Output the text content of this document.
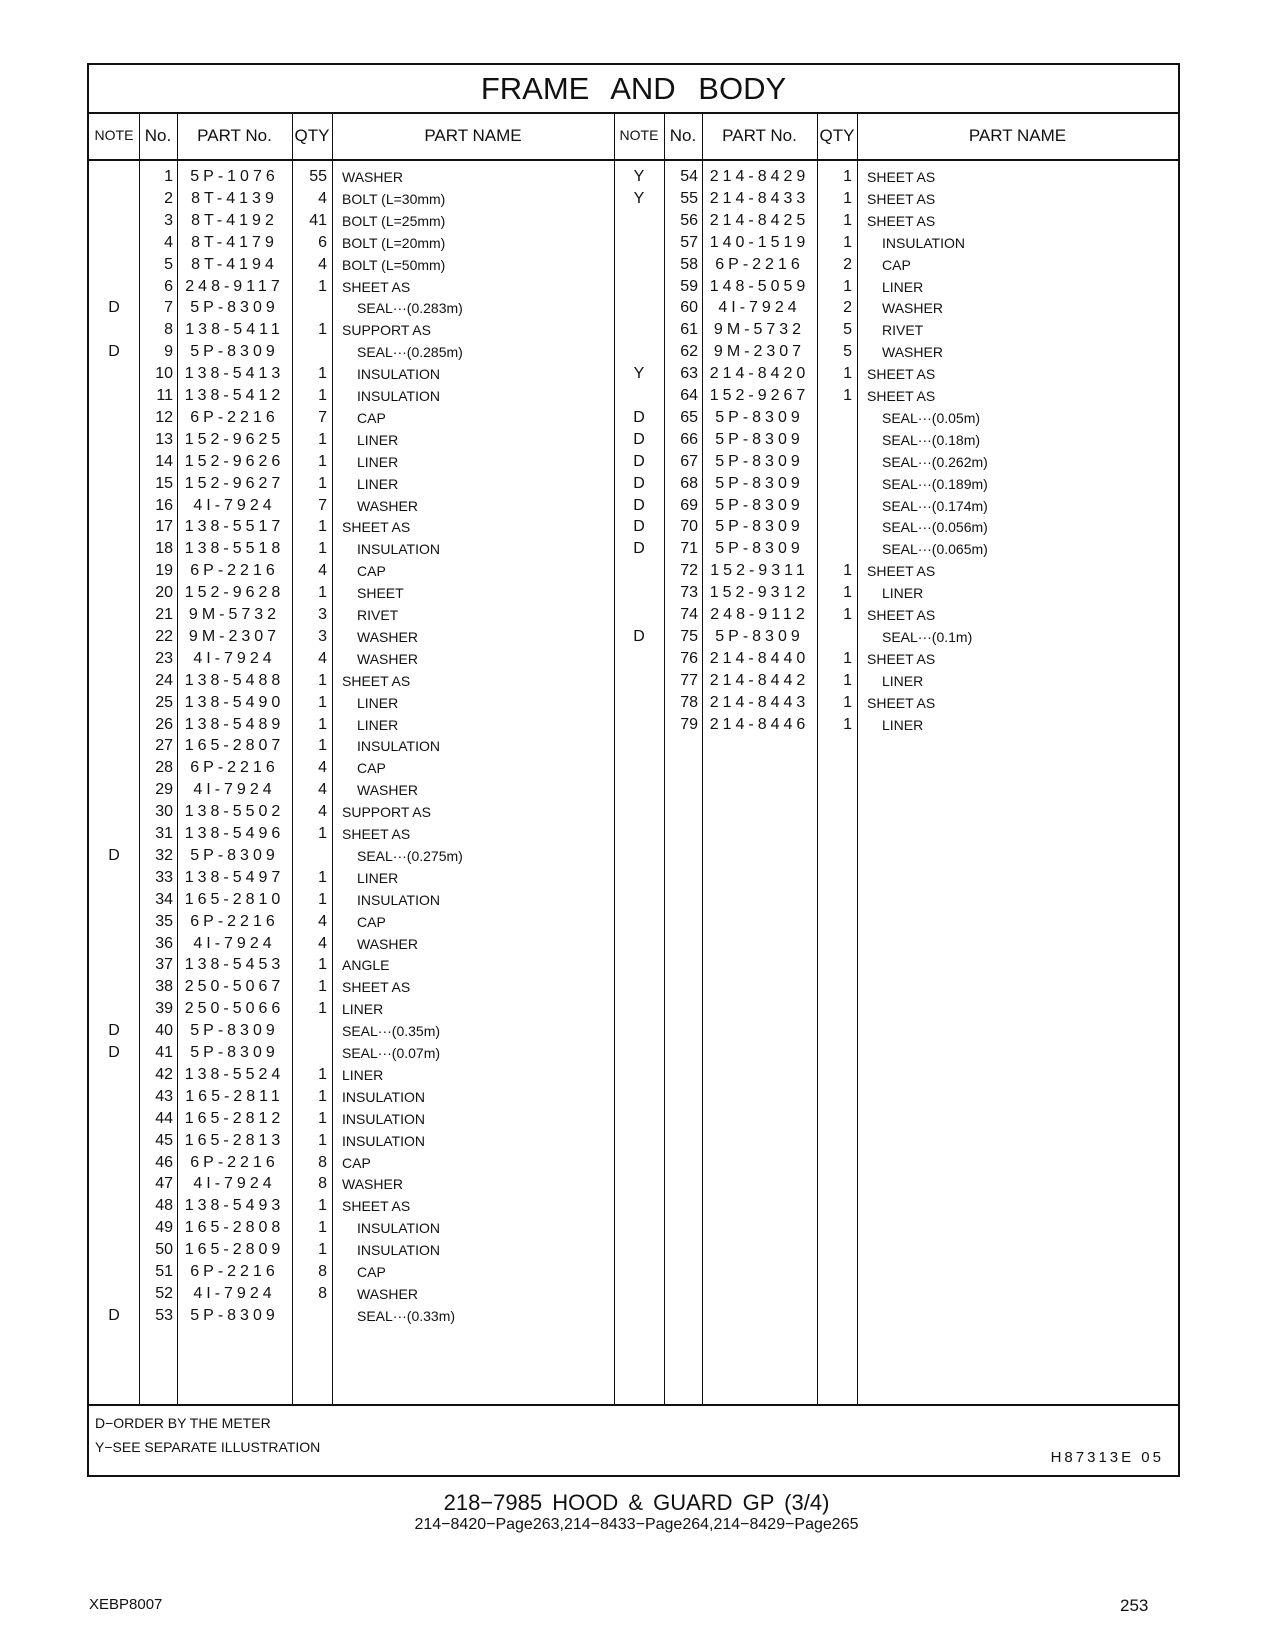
FRAME AND BODY
NOTE No.	PART No.	QTY	PART NAME	NOTE No.	PART No.	QTY	PART NAME
1	5P-1076	55 WASHER
2	8T-4139	4 BOLT (L=30mm)
3	8T-4192	41 BOLT (L=25mm)
4	8T-4179	6 BOLT (L=20mm)
5	8T-4194	4 BOLT (L=50mm)
6 248-9117	1 SHEET AS
D	7	5P-8309	SEAL···(0.283m)
8 138-5411	1 SUPPORT AS
D	9	5P-8309	SEAL···(0.285m)
10 138-5413	1 INSULATION
11 138-5412	1 INSULATION
12	6P-2216	7 CAP
13 152-9625	1 LINER
14 152-9626	1 LINER
15 152-9627	1 LINER
16	4I-7924	7 WASHER
17 138-5517	1 SHEET AS
18 138-5518	1 INSULATION
19	6P-2216	4 CAP
20 152-9628	1 SHEET
21 9M-5732	3 RIVET
22 9M-2307	3 WASHER
23	4I-7924	4 WASHER
24 138-5488	1 SHEET AS
25 138-5490	1 LINER
26 138-5489	1 LINER
27 165-2807	1 INSULATION
28	6P-2216	4 CAP
29	4I-7924	4 WASHER
30 138-5502	4 SUPPORT AS
31 138-5496	1 SHEET AS
D	32	5P-8309	SEAL···(0.275m)
33 138-5497	1 LINER
34 165-2810	1 INSULATION
35	6P-2216	4 CAP
36	4I-7924	4 WASHER
37 138-5453	1 ANGLE
38 250-5067	1 SHEET AS
39 250-5066	1 LINER
D	40	5P-8309	SEAL···(0.35m)
D	41	5P-8309	SEAL···(0.07m)
42 138-5524	1 LINER
43 165-2811	1 INSULATION
44 165-2812	1 INSULATION
45 165-2813	1 INSULATION
46	6P-2216	8 CAP
47	4I-7924	8 WASHER
48 138-5493	1 SHEET AS
49 165-2808	1 INSULATION
50 165-2809	1 INSULATION
51	6P-2216	8 CAP
52	4I-7924	8 WASHER
D	53	5P-8309	SEAL···(0.33m)
Y	54 214-8429	1 SHEET AS
Y	55 214-8433	1 SHEET AS
56 214-8425	1 SHEET AS
57 140-1519	1 INSULATION
58	6P-2216	2 CAP
59 148-5059	1 LINER
60	4I-7924	2 WASHER
61 9M-5732	5 RIVET
62 9M-2307	5 WASHER
Y	63 214-8420	1 SHEET AS
64 152-9267	1 SHEET AS
D	65	5P-8309	SEAL···(0.05m)
D	66	5P-8309	SEAL···(0.18m)
D	67	5P-8309	SEAL···(0.262m)
D	68	5P-8309	SEAL···(0.189m)
D	69	5P-8309	SEAL···(0.174m)
D	70	5P-8309	SEAL···(0.056m)
D	71	5P-8309	SEAL···(0.065m)
72 152-9311	1 SHEET AS
73 152-9312	1 LINER
74 248-9112	1 SHEET AS
D	75	5P-8309	SEAL···(0.1m)
76 214-8440	1 SHEET AS
77 214-8442	1 LINER
78 214-8443	1 SHEET AS
79 214-8446	1 LINER
D−ORDER BY THE METER
Y−SEE SEPARATE ILLUSTRATION
H87313E 05
218−7985 HOOD & GUARD GP (3/4)
214−8420−Page263,214−8433−Page264,214−8429−Page265
XEBP8007	253
